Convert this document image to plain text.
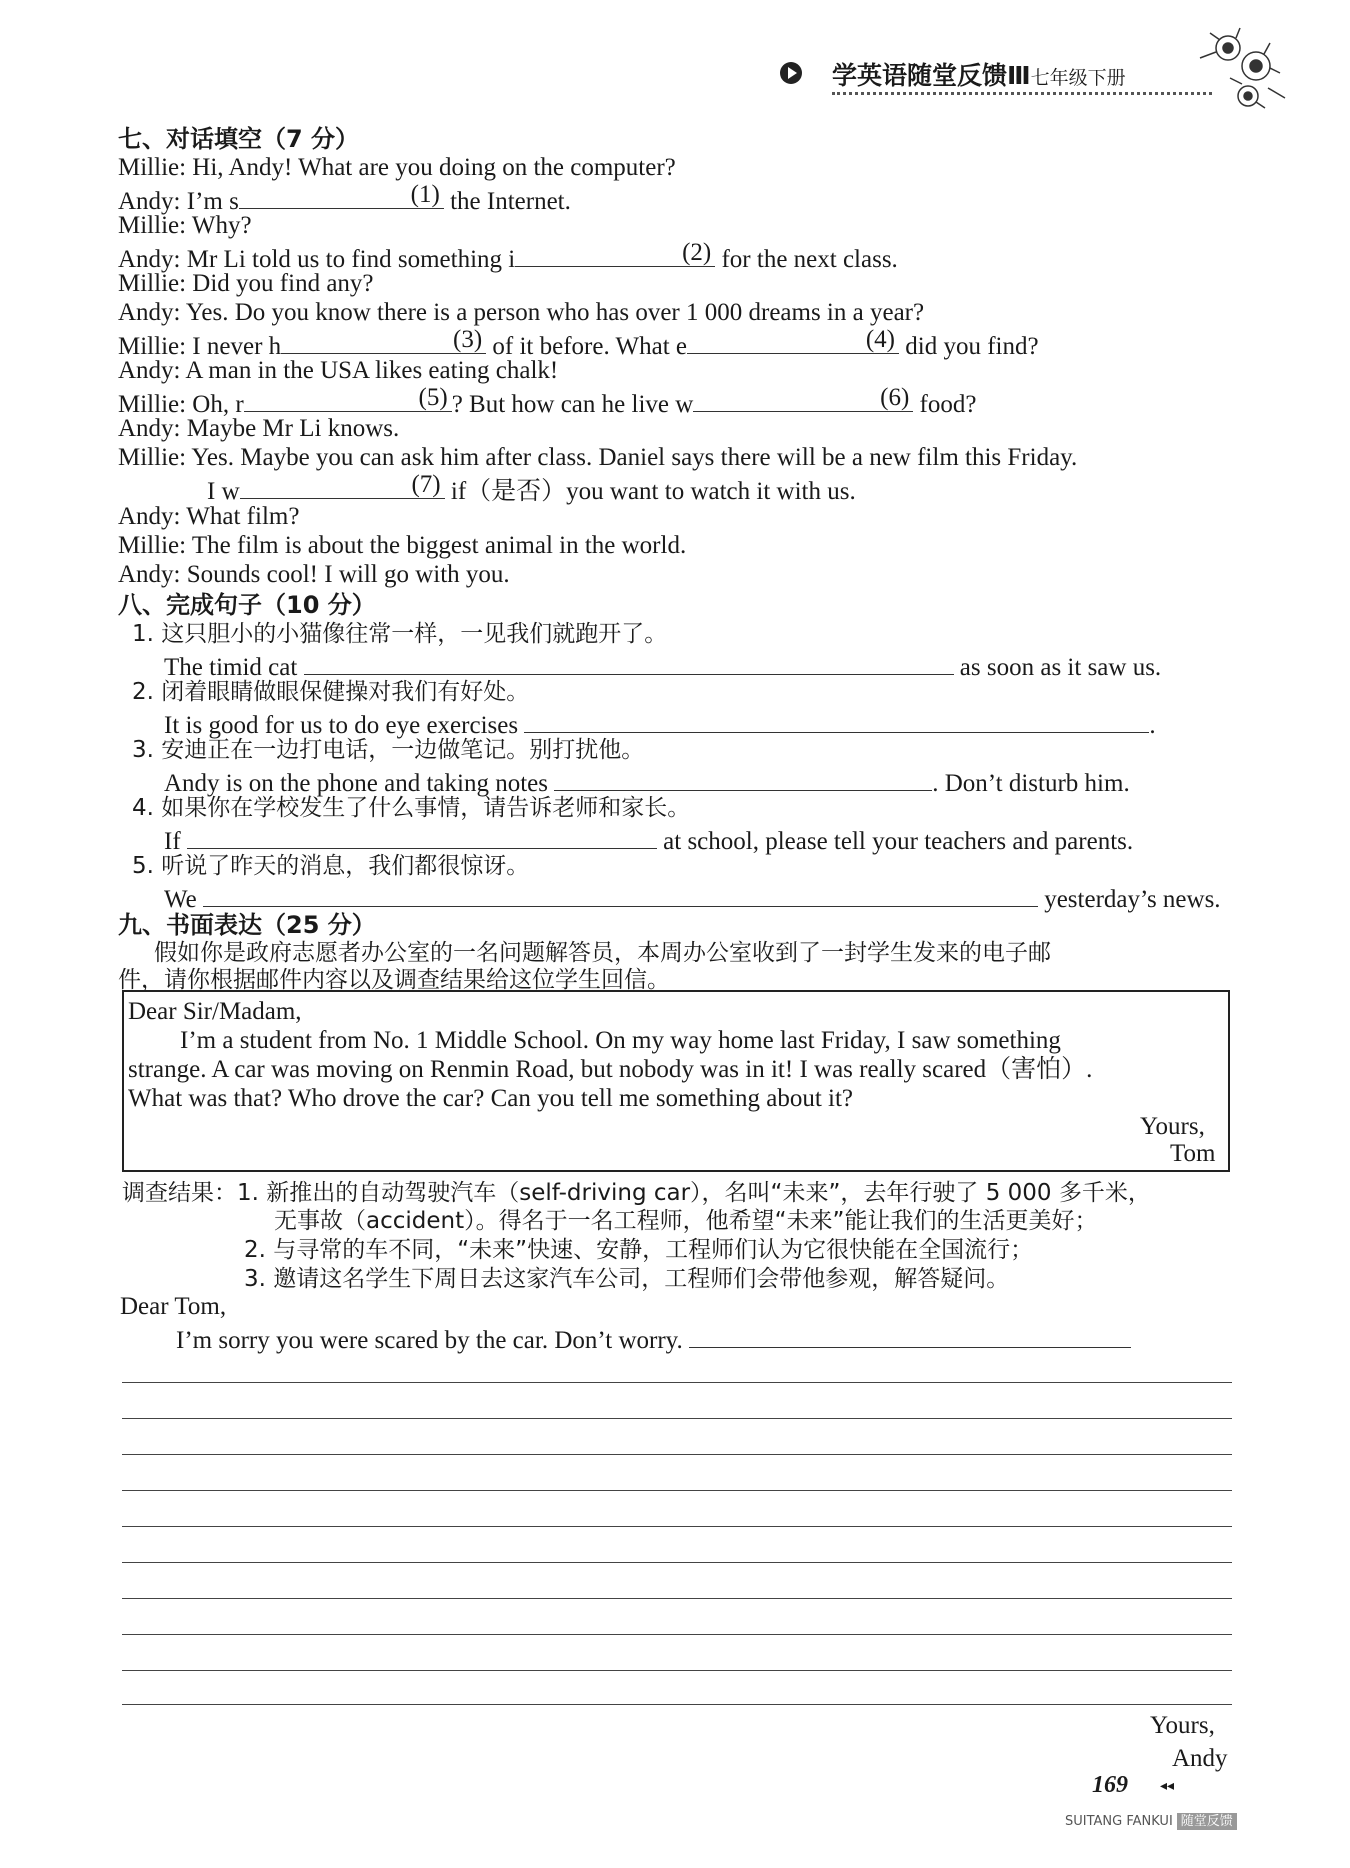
学英语随堂反馈Ⅲ七年级下册
七、对话填空（7 分）
Millie: Hi, Andy! What are you doing on the computer?
Andy: I’m s	(1) the Internet.
Millie: Why?
Andy: Mr Li told us to find something i	(2) for the next class.
Millie: Did you find any?
Andy: Yes. Do you know there is a person who has over 1 000 dreams in a year?
Millie: I never h	(3) of it before. What e	(4) did you find?
Andy: A man in the USA likes eating chalk!
Millie: Oh, r	(5) ? But how can he live w	(6) food?
Andy: Maybe Mr Li knows.
Millie: Yes. Maybe you can ask him after class. Daniel says there will be a new film this Friday.
I w	(7) if（是否）you want to watch it with us.
Andy: What film?
Millie: The film is about the biggest animal in the world.
Andy: Sounds cool! I will go with you.
八、完成句子（10 分）
1. 这只胆小的小猫像往常一样，一见我们就跑开了。
The timid cat	as soon as it saw us.
2. 闭着眼睛做眼保健操对我们有好处。
It is good for us to do eye exercises	.
3. 安迪正在一边打电话，一边做笔记。别打扰他。
Andy is on the phone and taking notes	. Don’t disturb him.
4. 如果你在学校发生了什么事情，请告诉老师和家长。
If	at school, please tell your teachers and parents.
5. 听说了昨天的消息，我们都很惊讶。
We	yesterday’s news.
九、书面表达（25 分）
假如你是政府志愿者办公室的一名问题解答员，本周办公室收到了一封学生发来的电子邮
件，请你根据邮件内容以及调查结果给这位学生回信。
Dear Sir/Madam,
I’m a student from No. 1 Middle School. On my way home last Friday, I saw something
strange. A car was moving on Renmin Road, but nobody was in it! I was really scared（害怕）.
What was that? Who drove the car? Can you tell me something about it?
Yours,
Tom
调查结果：1. 新推出的自动驾驶汽车（self-driving car），名叫“未来”，去年行驶了 5 000 多千米，
无事故（accident）。得名于一名工程师，他希望“未来”能让我们的生活更美好；
2. 与寻常的车不同，“未来”快速、安静，工程师们认为它很快能在全国流行；
3. 邀请这名学生下周日去这家汽车公司，工程师们会带他参观，解答疑问。
Dear Tom,
I’m sorry you were scared by the car. Don’t worry.
Yours,
Andy
169 ◂◂
SUITANG FANKUI 随堂反馈
